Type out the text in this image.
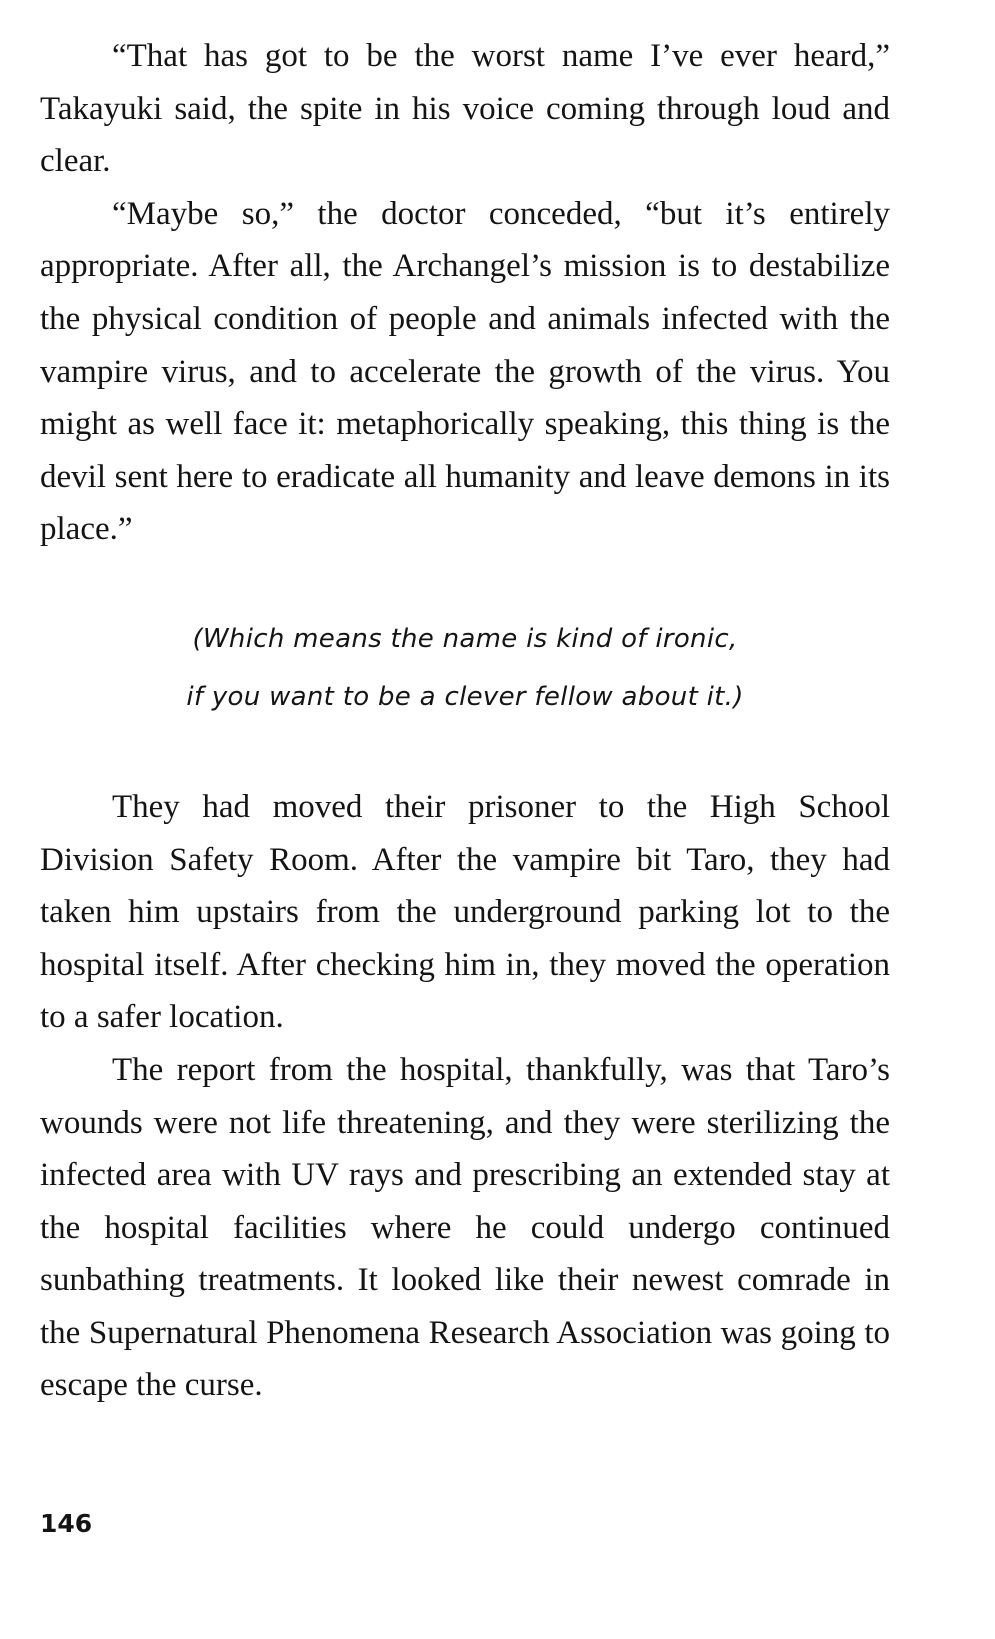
“That has got to be the worst name I’ve ever heard,” Takayuki said, the spite in his voice coming through loud and clear.

“Maybe so,” the doctor conceded, “but it’s entirely appropriate. After all, the Archangel’s mission is to destabilize the physical condition of people and animals infected with the vampire virus, and to accelerate the growth of the virus. You might as well face it: metaphorically speaking, this thing is the devil sent here to eradicate all humanity and leave demons in its place.”

(Which means the name is kind of ironic,
if you want to be a clever fellow about it.)

They had moved their prisoner to the High School Division Safety Room. After the vampire bit Taro, they had taken him upstairs from the underground parking lot to the hospital itself. After checking him in, they moved the operation to a safer location.

The report from the hospital, thankfully, was that Taro’s wounds were not life threatening, and they were sterilizing the infected area with UV rays and prescribing an extended stay at the hospital facilities where he could undergo continued sunbathing treatments. It looked like their newest comrade in the Supernatural Phenomena Research Association was going to escape the curse.

146
